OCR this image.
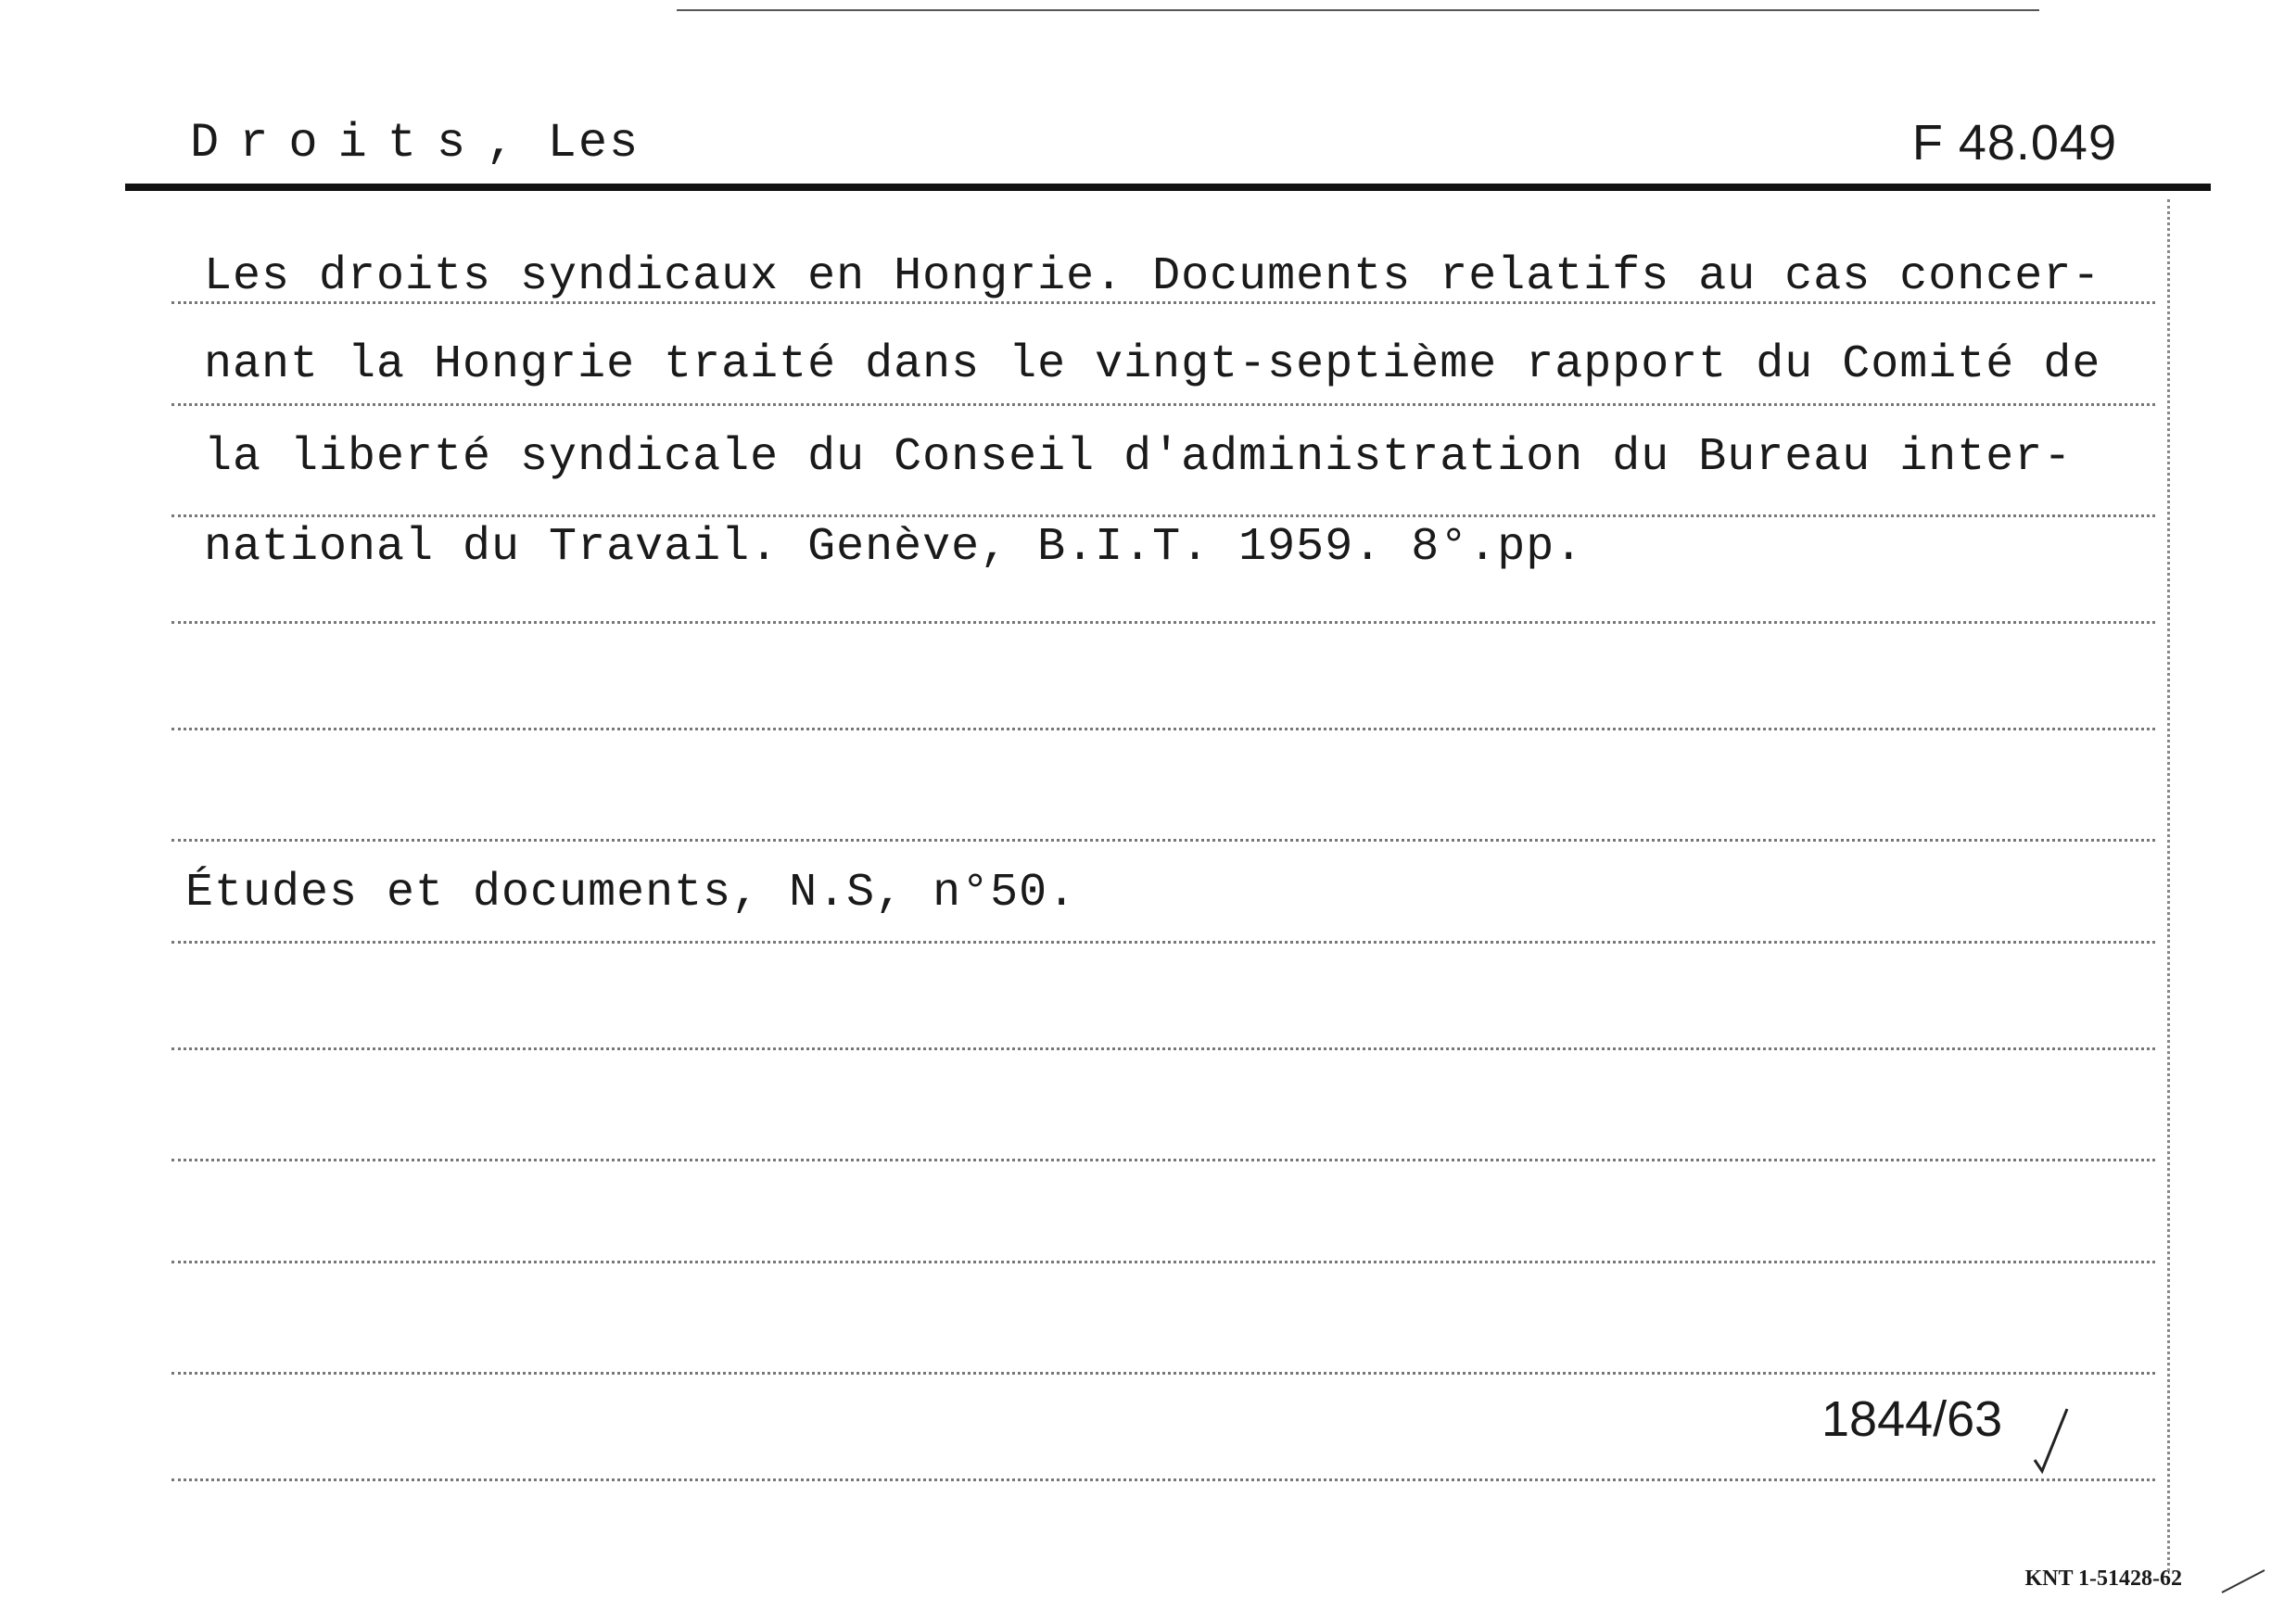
Droits, Les	F 48.049
Les droits syndicaux en Hongrie. Documents relatifs au cas concer-
nant la Hongrie traité dans le vingt-septième rapport du Comité de
la liberté syndicale du Conseil d'administration du Bureau inter-
national du Travail. Genève, B.I.T. 1959. 8°.pp.
Études et documents, N.S, n°50.
1844/63
KNT 1-51428-62
